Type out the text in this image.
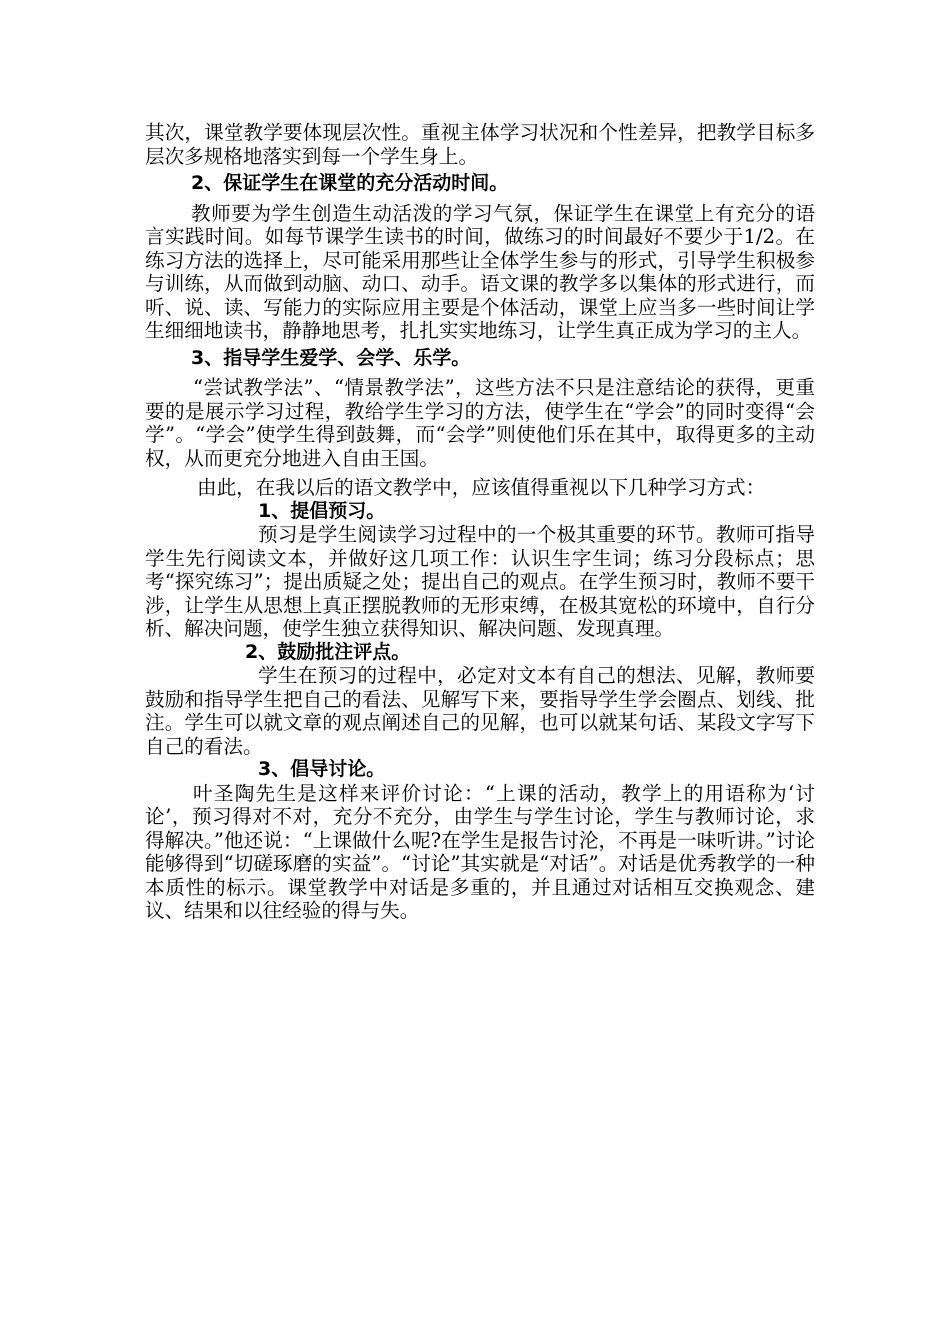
其次，课堂教学要体现层次性。重视主体学习状况和个性差异，把教学目标多层次多规格地落实到每一个学生身上。

2、保证学生在课堂的充分活动时间。

教师要为学生创造生动活泼的学习气氛，保证学生在课堂上有充分的语言实践时间。如每节课学生读书的时间，做练习的时间最好不要少于1/2。在练习方法的选择上，尽可能采用那些让全体学生参与的形式，引导学生积极参与训练，从而做到动脑、动口、动手。语文课的教学多以集体的形式进行，而听、说、读、写能力的实际应用主要是个体活动，课堂上应当多一些时间让学生细细地读书，静静地思考，扎扎实实地练习，让学生真正成为学习的主人。

3、指导学生爱学、会学、乐学。

“尝试教学法”、“情景教学法”，这些方法不只是注意结论的获得，更重要的是展示学习过程，教给学生学习的方法，使学生在“学会”的同时变得“会学”。“学会”使学生得到鼓舞，而“会学”则使他们乐在其中，取得更多的主动权，从而更充分地进入自由王国。

由此，在我以后的语文教学中，应该值得重视以下几种学习方式：

1、提倡预习。

预习是学生阅读学习过程中的一个极其重要的环节。教师可指导学生先行阅读文本，并做好这几项工作：认识生字生词；练习分段标点；思考“探究练习”；提出质疑之处；提出自己的观点。在学生预习时，教师不要干涉，让学生从思想上真正摆脱教师的无形束缚，在极其宽松的环境中，自行分析、解决问题，使学生独立获得知识、解决问题、发现真理。

2、鼓励批注评点。

学生在预习的过程中，必定对文本有自己的想法、见解，教师要鼓励和指导学生把自己的看法、见解写下来，要指导学生学会圈点、划线、批注。学生可以就文章的观点阐述自己的见解，也可以就某句话、某段文字写下自己的看法。

3、倡导讨论。

叶圣陶先生是这样来评价讨论：“上课的活动，教学上的用语称为‘讨论’，预习得对不对，充分不充分，由学生与学生讨论，学生与教师讨论，求得解决。”他还说：“上课做什么呢?在学生是报告讨沦，不再是一味听讲。”讨论能够得到“切磋琢磨的实益”。“讨论”其实就是“对话”。对话是优秀教学的一种本质性的标示。课堂教学中对话是多重的，并且通过对话相互交换观念、建议、结果和以往经验的得与失。
